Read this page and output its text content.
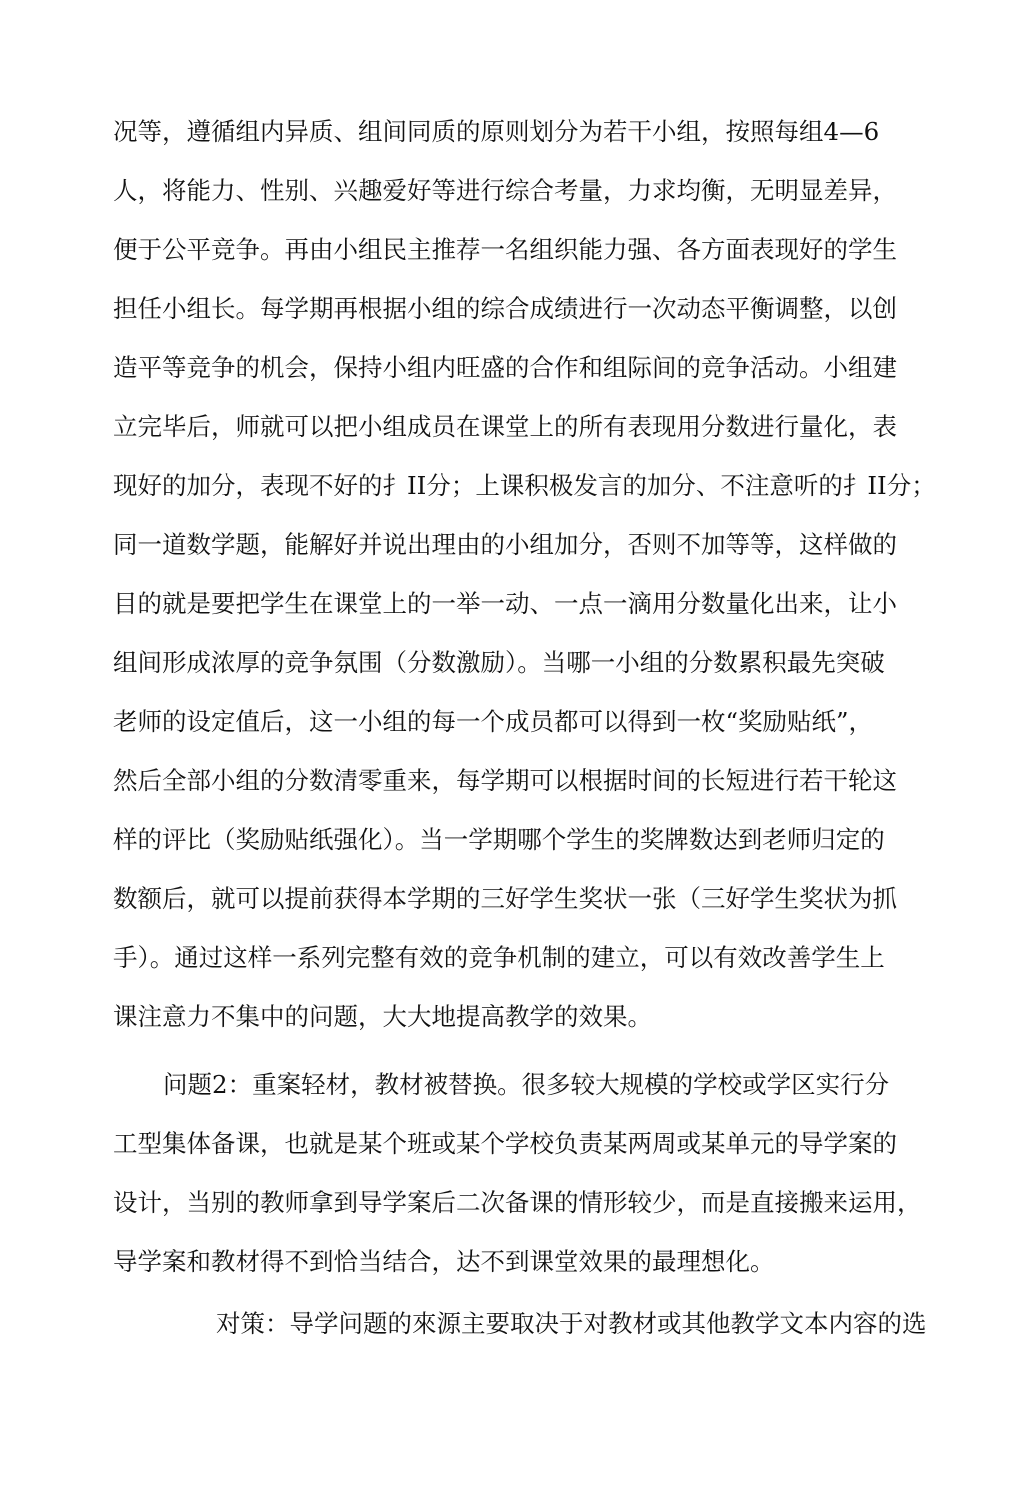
况等，遵循组内异质、组间同质的原则划分为若干小组，按照每组4—6

人，将能力、性别、兴趣爱好等进行综合考量，力求均衡，无明显差异，

便于公平竞争。再由小组民主推荐一名组织能力强、各方面表现好的学生

担任小组长。每学期再根据小组的综合成绩进行一次动态平衡调整，以创

造平等竞争的机会，保持小组内旺盛的合作和组际间的竞争活动。小组建

立完毕后，师就可以把小组成员在课堂上的所有表现用分数进行量化，表

现好的加分，表现不好的扌II分；上课积极发言的加分、不注意听的扌II分；

同一道数学题，能解好并说出理由的小组加分，否则不加等等，这样做的

目的就是要把学生在课堂上的一举一动、一点一滴用分数量化出来，让小

组间形成浓厚的竞争氛围（分数激励）。当哪一小组的分数累积最先突破

老师的设定值后，这一小组的每一个成员都可以得到一枚“奖励贴纸”，

然后全部小组的分数清零重来，每学期可以根据时间的长短进行若干轮这

样的评比（奖励贴纸强化）。当一学期哪个学生的奖牌数达到老师归定的

数额后，就可以提前获得本学期的三好学生奖状一张（三好学生奖状为抓

手）。通过这样一系列完整有效的竞争机制的建立，可以有效改善学生上

课注意力不集中的问题，大大地提高教学的效果。

问题2：重案轻材，教材被替换。很多较大规模的学校或学区实行分

工型集体备课，也就是某个班或某个学校负责某两周或某单元的导学案的

设计，当别的教师拿到导学案后二次备课的情形较少，而是直接搬来运用，

导学案和教材得不到恰当结合，达不到课堂效果的最理想化。

对策：导学问题的來源主要取决于对教材或其他教学文本内容的选
